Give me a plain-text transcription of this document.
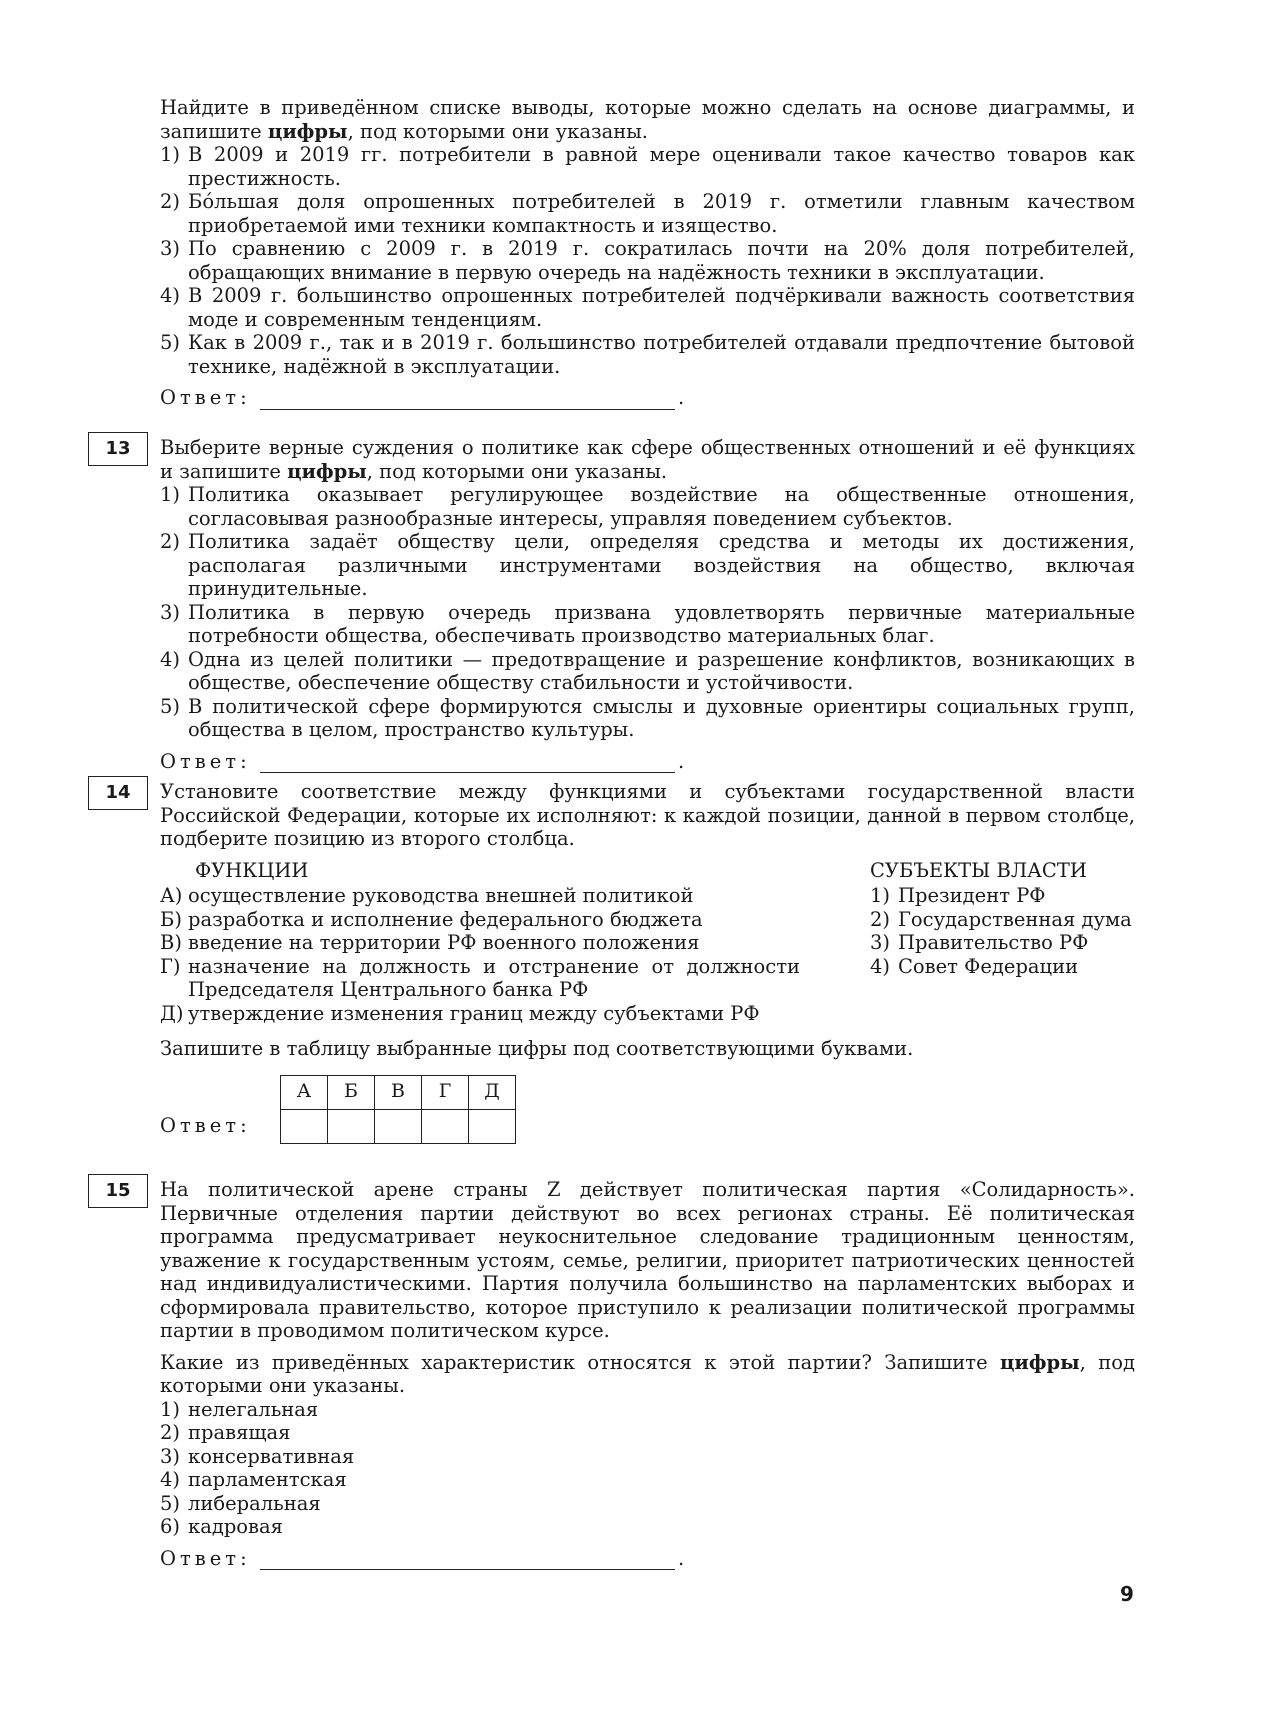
Найдите в приведённом списке выводы, которые можно сделать на основе диаграммы, и запишите цифры, под которыми они указаны.

1) В 2009 и 2019 гг. потребители в равной мере оценивали такое качество товаров как престижность.
2) Бóльшая доля опрошенных потребителей в 2019 г. отметили главным качеством приобретаемой ими техники компактность и изящество.
3) По сравнению с 2009 г. в 2019 г. сократилась почти на 20% доля потребителей, обращающих внимание в первую очередь на надёжность техники в эксплуатации.
4) В 2009 г. большинство опрошенных потребителей подчёркивали важность соответствия моде и современным тенденциям.
5) Как в 2009 г., так и в 2019 г. большинство потребителей отдавали предпочтение бытовой технике, надёжной в эксплуатации.
Ответ:	.
13	Выберите верные суждения о политике как сфере общественных отношений и её функциях и запишите цифры, под которыми они указаны.

1) Политика оказывает регулирующее воздействие на общественные отношения, согласовывая разнообразные интересы, управляя поведением субъектов.
2) Политика задаёт обществу цели, определяя средства и методы их достижения, располагая различными инструментами воздействия на общество, включая принудительные.
3) Политика в первую очередь призвана удовлетворять первичные материальные потребности общества, обеспечивать производство материальных благ.
4) Одна из целей политики — предотвращение и разрешение конфликтов, возникающих в обществе, обеспечение обществу стабильности и устойчивости.
5) В политической сфере формируются смыслы и духовные ориентиры социальных групп, общества в целом, пространство культуры.
Ответ:	.
14	Установите соответствие между функциями и субъектами государственной власти Российской Федерации, которые их исполняют: к каждой позиции, данной в первом столбце, подберите позицию из второго столбца.

ФУНКЦИИ
А) осуществление руководства внешней политикой
Б) разработка и исполнение федерального бюджета
В) введение на территории РФ военного положения
Г) назначение на должность и отстранение от должности Председателя Центрального банка РФ
Д) утверждение изменения границ между субъектами РФ
СУБЪЕКТЫ ВЛАСТИ
1) Президент РФ
2) Государственная дума
3) Правительство РФ
4) Совет Федерации

Запишите в таблицу выбранные цифры под соответствующими буквами.

Ответ:
А	Б	В	Г	Д

15	На политической арене страны Z действует политическая партия «Солидарность». Первичные отделения партии действуют во всех регионах страны. Её политическая программа предусматривает неукоснительное следование традиционным ценностям, уважение к государственным устоям, семье, религии, приоритет патриотических ценностей над индивидуалистическими. Партия получила большинство на парламентских выборах и сформировала правительство, которое приступило к реализации политической программы партии в проводимом политическом курсе.

Какие из приведённых характеристик относятся к этой партии? Запишите цифры, под которыми они указаны.

1) нелегальная
2) правящая
3) консервативная
4) парламентская
5) либеральная
6) кадровая
Ответ:	.
9
